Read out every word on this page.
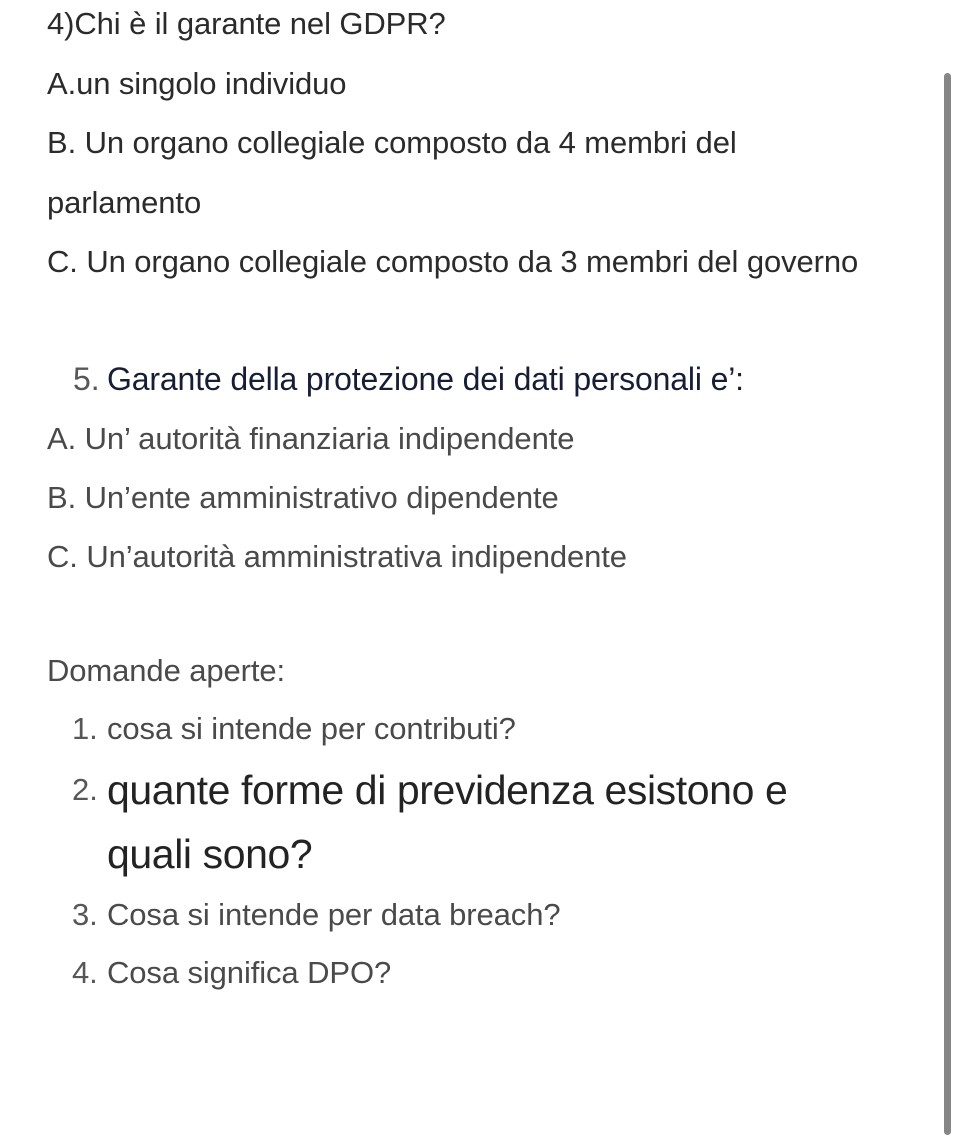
4)Chi è il garante nel GDPR?
A.un singolo individuo
B. Un organo collegiale composto da 4 membri del parlamento
C. Un organo collegiale composto da 3 membri del governo
5. Garante della protezione dei dati personali e’:
A. Un’ autorità finanziaria indipendente
B. Un’ente amministrativo dipendente
C. Un’autorità amministrativa indipendente
Domande aperte:
1. cosa si intende per contributi?
2. quante forme di previdenza esistono e quali sono?
3. Cosa si intende per data breach?
4. Cosa significa DPO?
